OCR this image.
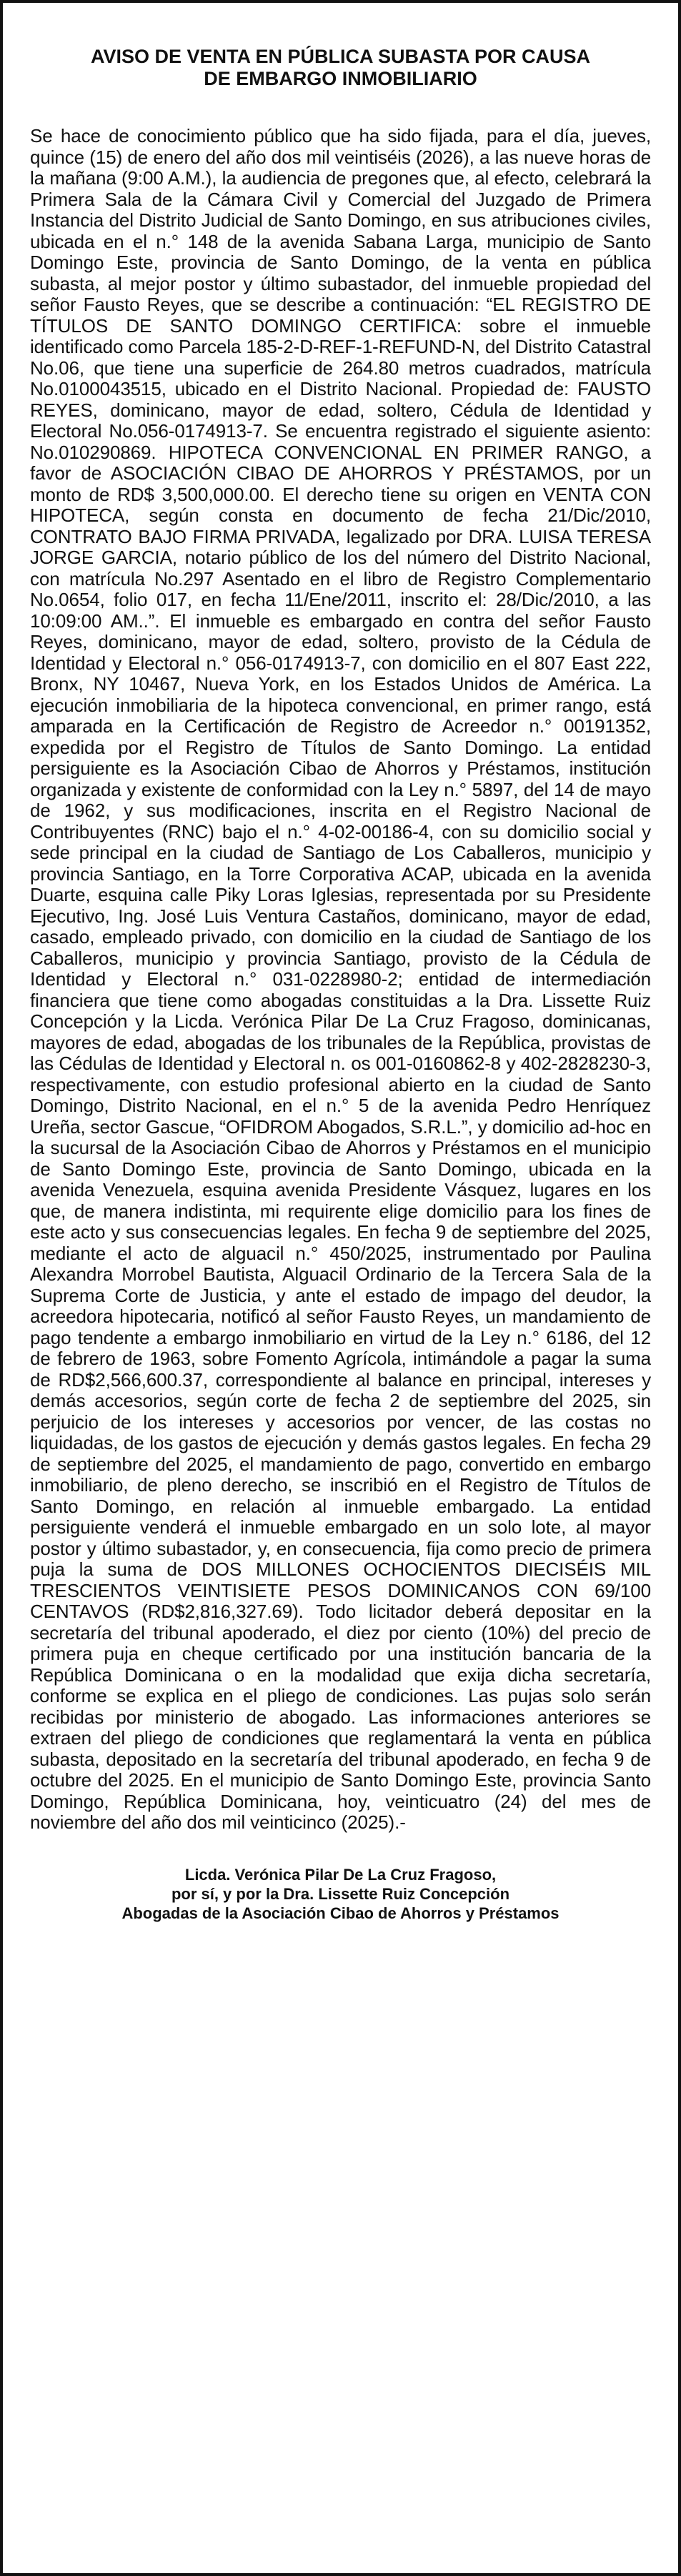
AVISO DE VENTA EN PÚBLICA SUBASTA POR CAUSA
DE EMBARGO INMOBILIARIO

Se hace de conocimiento público que ha sido fijada, para el día, jueves, quince (15) de enero del año dos mil veintiséis (2026), a las nueve horas de la mañana (9:00 A.M.), la audiencia de pregones que, al efecto, celebrará la Primera Sala de la Cámara Civil y Comercial del Juzgado de Primera Instancia del Distrito Judicial de Santo Domingo, en sus atribuciones civiles, ubicada en el n.° 148 de la avenida Sabana Larga, municipio de Santo Domingo Este, provincia de Santo Domingo, de la venta en pública subasta, al mejor postor y último subastador, del inmueble propiedad del señor Fausto Reyes, que se describe a continuación: “EL REGISTRO DE TÍTULOS DE SANTO DOMINGO CERTIFICA: sobre el inmueble identificado como Parcela 185-2-D-REF-1-REFUND-N, del Distrito Catastral No.06, que tiene una superficie de 264.80 metros cuadrados, matrícula No.0100043515, ubicado en el Distrito Nacional. Propiedad de: FAUSTO REYES, dominicano, mayor de edad, soltero, Cédula de Identidad y Electoral No.056-0174913-7. Se encuentra registrado el siguiente asiento: No.010290869. HIPOTECA CONVENCIONAL EN PRIMER RANGO, a favor de ASOCIACIÓN CIBAO DE AHORROS Y PRÉSTAMOS, por un monto de RD$ 3,500,000.00. El derecho tiene su origen en VENTA CON HIPOTECA, según consta en documento de fecha 21/Dic/2010, CONTRATO BAJO FIRMA PRIVADA, legalizado por DRA. LUISA TERESA JORGE GARCIA, notario público de los del número del Distrito Nacional, con matrícula No.297 Asentado en el libro de Registro Complementario No.0654, folio 017, en fecha 11/Ene/2011, inscrito el: 28/Dic/2010, a las 10:09:00 AM..”. El inmueble es embargado en contra del señor Fausto Reyes, dominicano, mayor de edad, soltero, provisto de la Cédula de Identidad y Electoral n.° 056-0174913-7, con domicilio en el 807 East 222, Bronx, NY 10467, Nueva York, en los Estados Unidos de América. La ejecución inmobiliaria de la hipoteca convencional, en primer rango, está amparada en la Certificación de Registro de Acreedor n.° 00191352, expedida por el Registro de Títulos de Santo Domingo. La entidad persiguiente es la Asociación Cibao de Ahorros y Préstamos, institución organizada y existente de conformidad con la Ley n.° 5897, del 14 de mayo de 1962, y sus modificaciones, inscrita en el Registro Nacional de Contribuyentes (RNC) bajo el n.° 4-02-00186-4, con su domicilio social y sede principal en la ciudad de Santiago de Los Caballeros, municipio y provincia Santiago, en la Torre Corporativa ACAP, ubicada en la avenida Duarte, esquina calle Piky Loras Iglesias, representada por su Presidente Ejecutivo, Ing. José Luis Ventura Castaños, dominicano, mayor de edad, casado, empleado privado, con domicilio en la ciudad de Santiago de los Caballeros, municipio y provincia Santiago, provisto de la Cédula de Identidad y Electoral n.° 031-0228980-2; entidad de intermediación financiera que tiene como abogadas constituidas a la Dra. Lissette Ruiz Concepción y la Licda. Verónica Pilar De La Cruz Fragoso, dominicanas, mayores de edad, abogadas de los tribunales de la República, provistas de las Cédulas de Identidad y Electoral n. os 001-0160862-8 y 402-2828230-3, respectivamente, con estudio profesional abierto en la ciudad de Santo Domingo, Distrito Nacional, en el n.° 5 de la avenida Pedro Henríquez Ureña, sector Gascue, “OFIDROM Abogados, S.R.L.”, y domicilio ad-hoc en la sucursal de la Asociación Cibao de Ahorros y Préstamos en el municipio de Santo Domingo Este, provincia de Santo Domingo, ubicada en la avenida Venezuela, esquina avenida Presidente Vásquez, lugares en los que, de manera indistinta, mi requirente elige domicilio para los fines de este acto y sus consecuencias legales. En fecha 9 de septiembre del 2025, mediante el acto de alguacil n.° 450/2025, instrumentado por Paulina Alexandra Morrobel Bautista, Alguacil Ordinario de la Tercera Sala de la Suprema Corte de Justicia, y ante el estado de impago del deudor, la acreedora hipotecaria, notificó al señor Fausto Reyes, un mandamiento de pago tendente a embargo inmobiliario en virtud de la Ley n.° 6186, del 12 de febrero de 1963, sobre Fomento Agrícola, intimándole a pagar la suma de RD$2,566,600.37, correspondiente al balance en principal, intereses y demás accesorios, según corte de fecha 2 de septiembre del 2025, sin perjuicio de los intereses y accesorios por vencer, de las costas no liquidadas, de los gastos de ejecución y demás gastos legales. En fecha 29 de septiembre del 2025, el mandamiento de pago, convertido en embargo inmobiliario, de pleno derecho, se inscribió en el Registro de Títulos de Santo Domingo, en relación al inmueble embargado. La entidad persiguiente venderá el inmueble embargado en un solo lote, al mayor postor y último subastador, y, en consecuencia, fija como precio de primera puja la suma de DOS MILLONES OCHOCIENTOS DIECISÉIS MIL TRESCIENTOS VEINTISIETE PESOS DOMINICANOS CON 69/100 CENTAVOS (RD$2,816,327.69). Todo licitador deberá depositar en la secretaría del tribunal apoderado, el diez por ciento (10%) del precio de primera puja en cheque certificado por una institución bancaria de la República Dominicana o en la modalidad que exija dicha secretaría, conforme se explica en el pliego de condiciones. Las pujas solo serán recibidas por ministerio de abogado. Las informaciones anteriores se extraen del pliego de condiciones que reglamentará la venta en pública subasta, depositado en la secretaría del tribunal apoderado, en fecha 9 de octubre del 2025. En el municipio de Santo Domingo Este, provincia Santo Domingo, República Dominicana, hoy, veinticuatro (24) del mes de noviembre del año dos mil veinticinco (2025).-

Licda. Verónica Pilar De La Cruz Fragoso,
por sí, y por la Dra. Lissette Ruiz Concepción
Abogadas de la Asociación Cibao de Ahorros y Préstamos
